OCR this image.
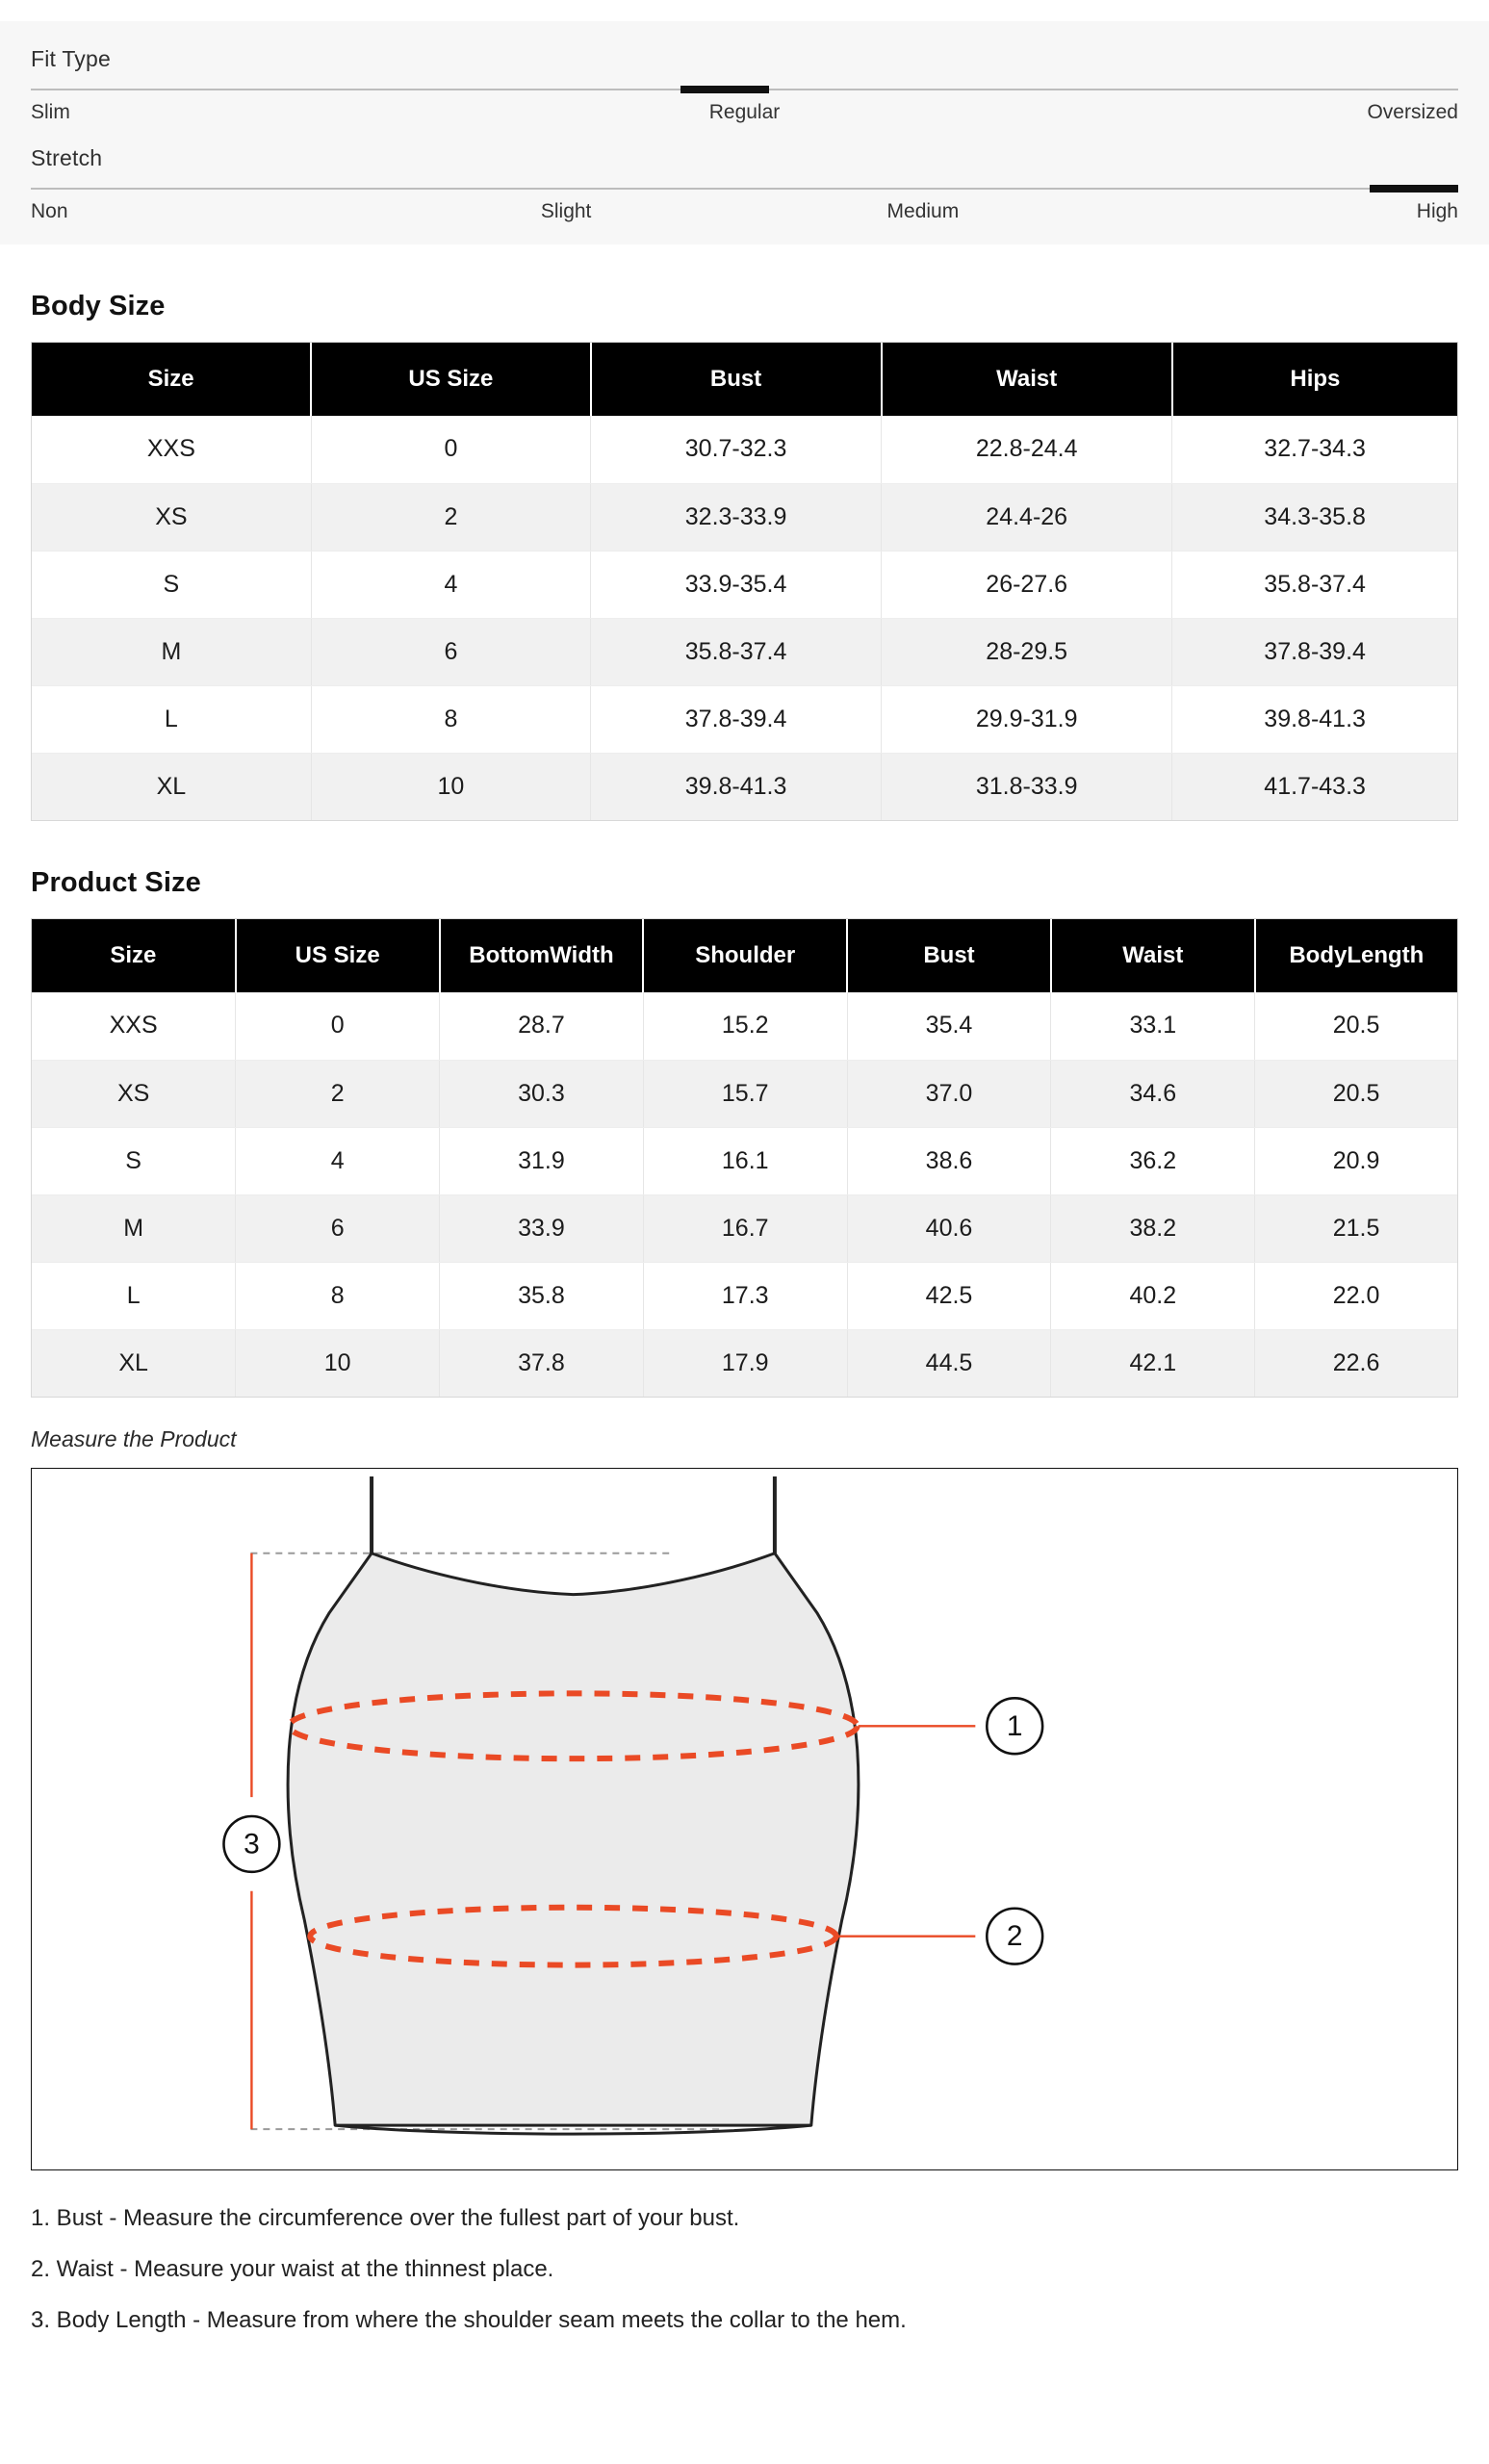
Fit Type
Slim	Regular	Oversized
Stretch
Non	Slight	Medium	High
Body Size
Size	US Size	Bust	Waist	Hips
XXS	0	30.7-32.3	22.8-24.4	32.7-34.3
XS	2	32.3-33.9	24.4-26	34.3-35.8
S	4	33.9-35.4	26-27.6	35.8-37.4
M	6	35.8-37.4	28-29.5	37.8-39.4
L	8	37.8-39.4	29.9-31.9	39.8-41.3
XL	10	39.8-41.3	31.8-33.9	41.7-43.3
Product Size
Size	US Size	BottomWidth	Shoulder	Bust	Waist	BodyLength
XXS	0	28.7	15.2	35.4	33.1	20.5
XS	2	30.3	15.7	37.0	34.6	20.5
S	4	31.9	16.1	38.6	36.2	20.9
M	6	33.9	16.7	40.6	38.2	21.5
L	8	35.8	17.3	42.5	40.2	22.0
XL	10	37.8	17.9	44.5	42.1	22.6
Measure the Product
1
2
3

1. Bust - Measure the circumference over the fullest part of your bust.

2. Waist - Measure your waist at the thinnest place.

3. Body Length - Measure from where the shoulder seam meets the collar to the hem.
